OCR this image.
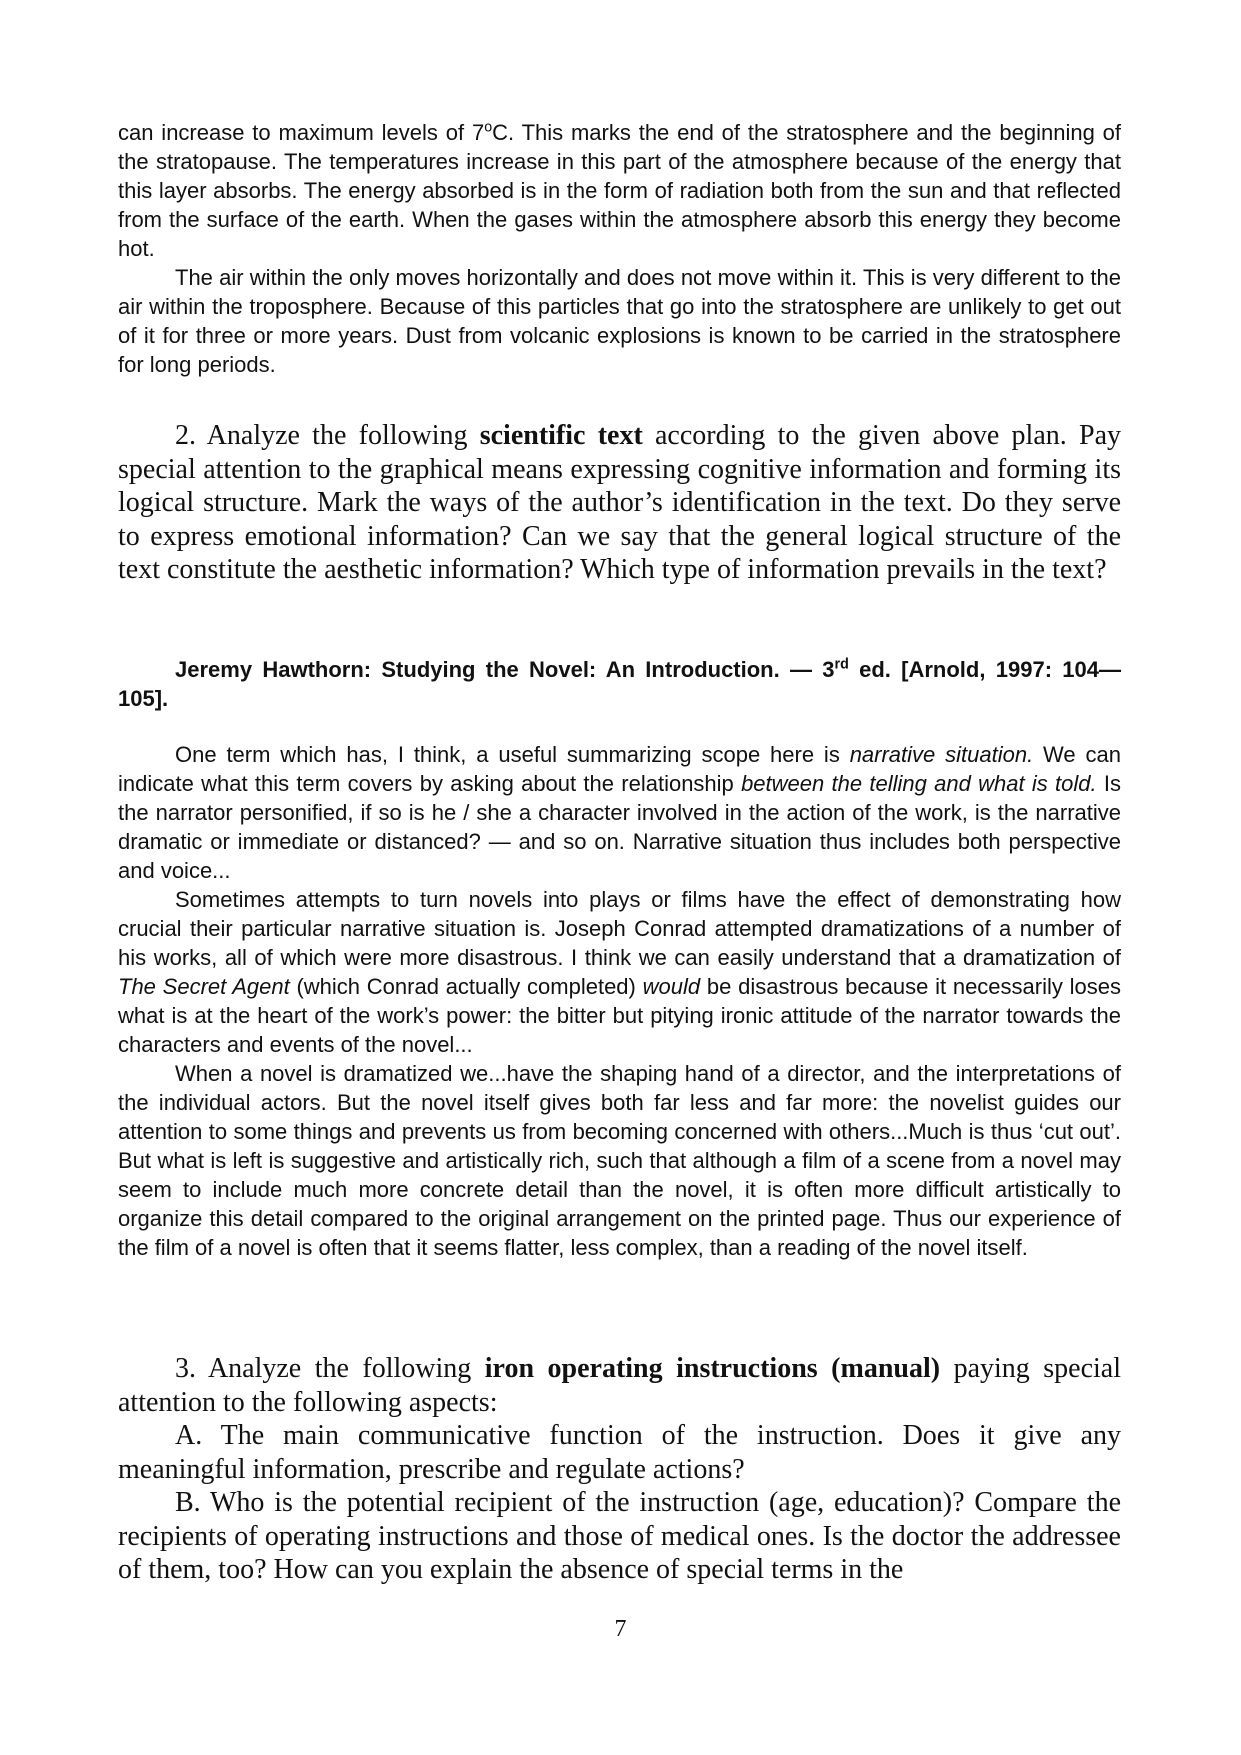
can increase to maximum levels of 7$^o$C. This marks the end of the stratosphere and the beginning of the stratopause. The temperatures increase in this part of the atmosphere because of the energy that this layer absorbs. The energy absorbed is in the form of radiation both from the sun and that reflected from the surface of the earth. When the gases within the atmosphere absorb this energy they become hot.

The air within the only moves horizontally and does not move within it. This is very different to the air within the troposphere. Because of this particles that go into the stratosphere are unlikely to get out of it for three or more years. Dust from volcanic explosions is known to be carried in the stratosphere for long periods.

2. Analyze the following scientific text according to the given above plan. Pay special attention to the graphical means expressing cognitive information and forming its logical structure. Mark the ways of the author’s identification in the text. Do they serve to express emotional information? Can we say that the general logical structure of the text constitute the aesthetic information? Which type of information prevails in the text?

Jeremy Hawthorn: Studying the Novel: An Introduction. — 3rd ed. [Arnold, 1997: 104—105].

One term which has, I think, a useful summarizing scope here is narrative situation. We can indicate what this term covers by asking about the relationship between the telling and what is told. Is the narrator personified, if so is he / she a character involved in the action of the work, is the narrative dramatic or immediate or distanced? — and so on. Narrative situation thus includes both perspective and voice...

Sometimes attempts to turn novels into plays or films have the effect of demonstrating how crucial their particular narrative situation is. Joseph Conrad attempted dramatizations of a number of his works, all of which were more disastrous. I think we can easily understand that a dramatization of The Secret Agent (which Conrad actually completed) would be disastrous because it necessarily loses what is at the heart of the work’s power: the bitter but pitying ironic attitude of the narrator towards the characters and events of the novel...

When a novel is dramatized we...have the shaping hand of a director, and the interpretations of the individual actors. But the novel itself gives both far less and far more: the novelist guides our attention to some things and prevents us from becoming concerned with others...Much is thus ‘cut out’. But what is left is suggestive and artistically rich, such that although a film of a scene from a novel may seem to include much more concrete detail than the novel, it is often more difficult artistically to organize this detail compared to the original arrangement on the printed page. Thus our experience of the film of a novel is often that it seems flatter, less complex, than a reading of the novel itself.

3. Analyze the following iron operating instructions (manual) paying special attention to the following aspects:

A. The main communicative function of the instruction. Does it give any meaningful information, prescribe and regulate actions?

B. Who is the potential recipient of the instruction (age, education)? Compare the recipients of operating instructions and those of medical ones. Is the doctor the addressee of them, too? How can you explain the absence of special terms in the

7
